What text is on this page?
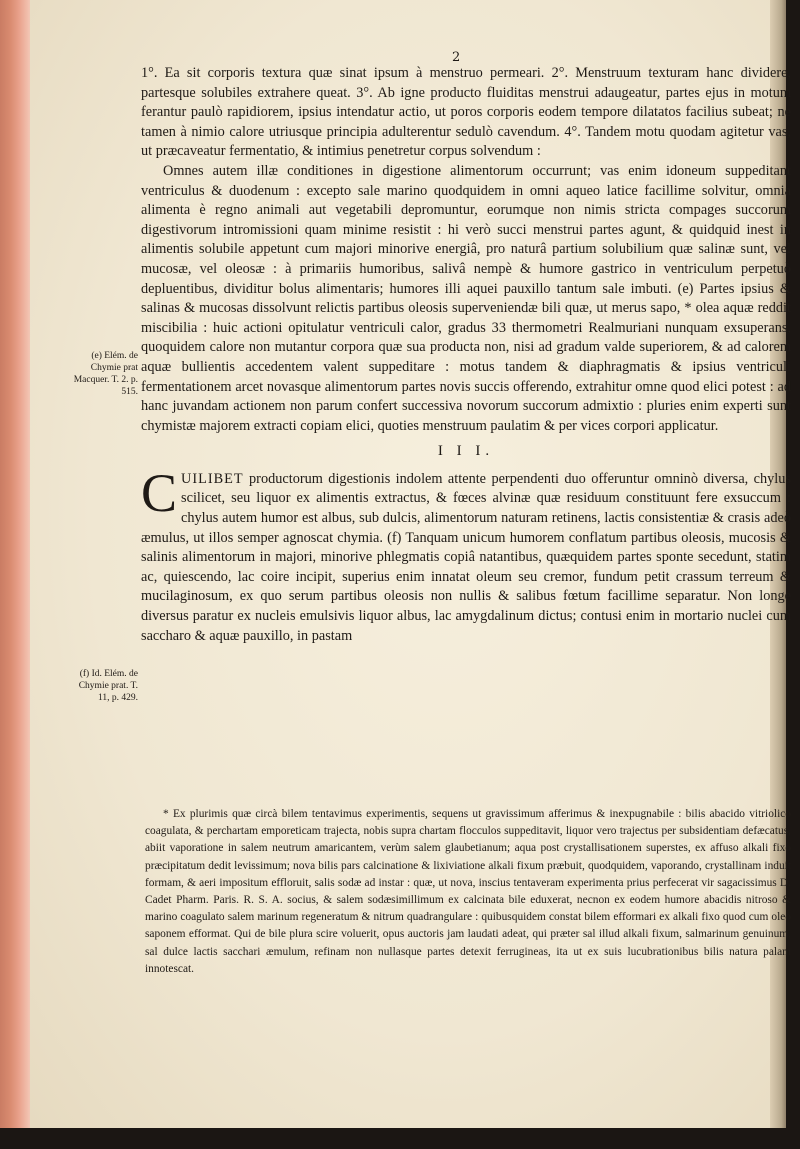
2
(e) Elém. de Chymie prat Macquer. T. 2. p. 515.
(f) Id. Elém. de Chymie prat. T. 11, p. 429.

1°. Ea sit corporis textura quæ sinat ipsum à menstruo permeari. 2°. Menstruum texturam hanc dividere, partesque solubiles extrahere queat. 3°. Ab igne producto fluiditas menstrui adaugeatur, partes ejus in motum ferantur paulò rapidiorem, ipsius intendatur actio, ut poros corporis eodem tempore dilatatos facilius subeat; ne tamen à nimio calore utriusque principia adulterentur sedulò cavendum. 4°. Tandem motu quodam agitetur vas, ut præcaveatur fermentatio, & intimius penetretur corpus solvendum :

Omnes autem illæ conditiones in digestione alimentorum occurrunt; vas enim idoneum suppeditant ventriculus & duodenum : excepto sale marino quodquidem in omni aqueo latice facillime solvitur, omnia alimenta è regno animali aut vegetabili depromuntur, eorumque non nimis stricta compages succorum digestivorum intromissioni quam minime resistit : hi verò succi menstrui partes agunt, & quidquid inest in alimentis solubile appetunt cum majori minorive energiâ, pro naturâ partium solubilium quæ salinæ sunt, vel mucosæ, vel oleosæ : à primariis humoribus, salivâ nempè & humore gastrico in ventriculum perpetuò depluentibus, dividitur bolus alimentaris; humores illi aquei pauxillo tantum sale imbuti. (e) Partes ipsius & salinas & mucosas dissolvunt relictis partibus oleosis superveniendæ bili quæ, ut merus sapo, * olea aquæ reddit miscibilia : huic actioni opitulatur ventriculi calor, gradus 33 thermometri Realmuriani nunquam exsuperans, quoquidem calore non mutantur corpora quæ sua producta non, nisi ad gradum valde superiorem, & ad calorem aquæ bullientis accedentem valent suppeditare : motus tandem & diaphragmatis & ipsius ventriculi fermentationem arcet novasque alimentorum partes novis succis offerendo, extrahitur omne quod elici potest : ad hanc juvandam actionem non parum confert successiva novorum succorum admixtio : pluries enim experti sunt chymistæ majorem extracti copiam elici, quoties menstruum paulatim & per vices corpori applicatur.

I I I.

CUILIBET productorum digestionis indolem attente perpendenti duo offeruntur omninò diversa, chylus scilicet, seu liquor ex alimentis extractus, & fœces alvinæ quæ residuum constituunt fere exsuccum : chylus autem humor est albus, sub dulcis, alimentorum naturam retinens, lactis consistentiæ & crasis adeò æmulus, ut illos semper agnoscat chymia. (f) Tanquam unicum humorem conflatum partibus oleosis, mucosis & salinis alimentorum in majori, minorive phlegmatis copiâ natantibus, quæquidem partes sponte secedunt, statim ac, quiescendo, lac coire incipit, superius enim innatat oleum seu cremor, fundum petit crassum terreum & mucilaginosum, ex quo serum partibus oleosis non nullis & salibus fœtum facillime separatur. Non longe diversus paratur ex nucleis emulsivis liquor albus, lac amygdalinum dictus; contusi enim in mortario nuclei cum saccharo & aquæ pauxillo, in pastam

* Ex plurimis quæ circà bilem tentavimus experimentis, sequens ut gravissimum afferimus & inexpugnabile : bilis abacido vitriolico coagulata, & perchartam emporeticam trajecta, nobis supra chartam flocculos suppeditavit, liquor vero trajectus per subsidentiam defæcatus, abiit vaporatione in salem neutrum amaricantem, verùm salem glaubetianum; aqua post crystallisationem superstes, ex affuso alkali fixo præcipitatum dedit levissimum; nova bilis pars calcinatione & lixiviatione alkali fixum præbuit, quodquidem, vaporando, crystallinam induit formam, & aeri impositum effloruit, salis sodæ ad instar : quæ, ut nova, inscius tentaveram experimenta prius perfecerat vir sagacissimus D. Cadet Pharm. Paris. R. S. A. socius, & salem sodæsimillimum ex calcinata bile eduxerat, necnon ex eodem humore abacidis nitroso & marino coagulato salem marinum regeneratum & nitrum quadrangulare : quibusquidem constat bilem efformari ex alkali fixo quod cum oleo saponem efformat. Qui de bile plura scire voluerit, opus auctoris jam laudati adeat, qui præter sal illud alkali fixum, salmarinum genuinum, sal dulce lactis sacchari æmulum, refinam non nullasque partes detexit ferrugineas, ita ut ex suis lucubrationibus bilis natura palam innotescat.
